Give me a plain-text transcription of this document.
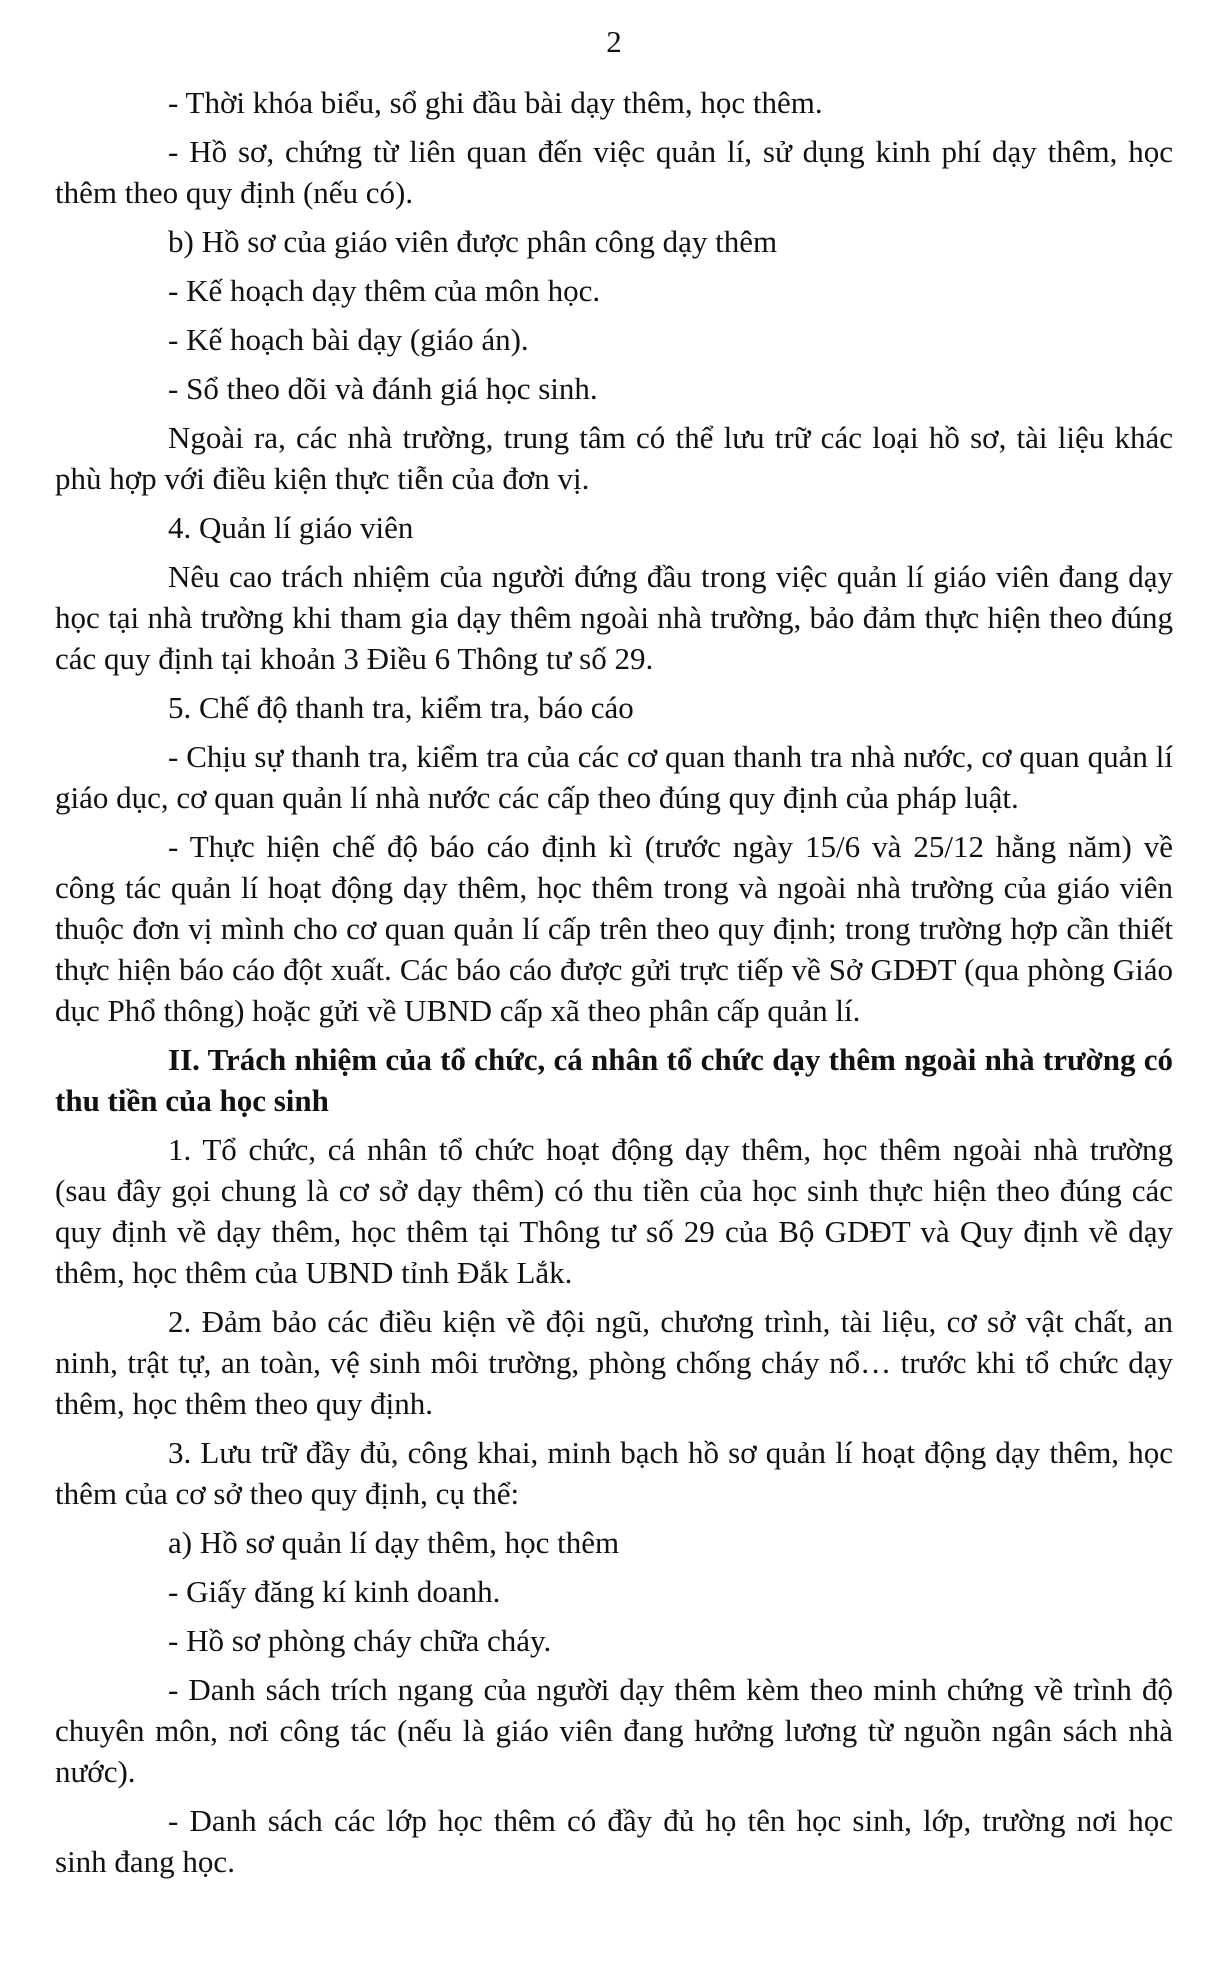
2

- Thời khóa biểu, sổ ghi đầu bài dạy thêm, học thêm.

- Hồ sơ, chứng từ liên quan đến việc quản lí, sử dụng kinh phí dạy thêm, học thêm theo quy định (nếu có).

b) Hồ sơ của giáo viên được phân công dạy thêm

- Kế hoạch dạy thêm của môn học.

- Kế hoạch bài dạy (giáo án).

- Sổ theo dõi và đánh giá học sinh.

Ngoài ra, các nhà trường, trung tâm có thể lưu trữ các loại hồ sơ, tài liệu khác phù hợp với điều kiện thực tiễn của đơn vị.

4. Quản lí giáo viên

Nêu cao trách nhiệm của người đứng đầu trong việc quản lí giáo viên đang dạy học tại nhà trường khi tham gia dạy thêm ngoài nhà trường, bảo đảm thực hiện theo đúng các quy định tại khoản 3 Điều 6 Thông tư số 29.

5. Chế độ thanh tra, kiểm tra, báo cáo

- Chịu sự thanh tra, kiểm tra của các cơ quan thanh tra nhà nước, cơ quan quản lí giáo dục, cơ quan quản lí nhà nước các cấp theo đúng quy định của pháp luật.

- Thực hiện chế độ báo cáo định kì (trước ngày 15/6 và 25/12 hằng năm) về công tác quản lí hoạt động dạy thêm, học thêm trong và ngoài nhà trường của giáo viên thuộc đơn vị mình cho cơ quan quản lí cấp trên theo quy định; trong trường hợp cần thiết thực hiện báo cáo đột xuất. Các báo cáo được gửi trực tiếp về Sở GDĐT (qua phòng Giáo dục Phổ thông) hoặc gửi về UBND cấp xã theo phân cấp quản lí.

II. Trách nhiệm của tổ chức, cá nhân tổ chức dạy thêm ngoài nhà trường có thu tiền của học sinh

1. Tổ chức, cá nhân tổ chức hoạt động dạy thêm, học thêm ngoài nhà trường (sau đây gọi chung là cơ sở dạy thêm) có thu tiền của học sinh thực hiện theo đúng các quy định về dạy thêm, học thêm tại Thông tư số 29 của Bộ GDĐT và Quy định về dạy thêm, học thêm của UBND tỉnh Đắk Lắk.

2. Đảm bảo các điều kiện về đội ngũ, chương trình, tài liệu, cơ sở vật chất, an ninh, trật tự, an toàn, vệ sinh môi trường, phòng chống cháy nổ… trước khi tổ chức dạy thêm, học thêm theo quy định.

3. Lưu trữ đầy đủ, công khai, minh bạch hồ sơ quản lí hoạt động dạy thêm, học thêm của cơ sở theo quy định, cụ thể:

a) Hồ sơ quản lí dạy thêm, học thêm

- Giấy đăng kí kinh doanh.

- Hồ sơ phòng cháy chữa cháy.

- Danh sách trích ngang của người dạy thêm kèm theo minh chứng về trình độ chuyên môn, nơi công tác (nếu là giáo viên đang hưởng lương từ nguồn ngân sách nhà nước).

- Danh sách các lớp học thêm có đầy đủ họ tên học sinh, lớp, trường nơi học sinh đang học.
